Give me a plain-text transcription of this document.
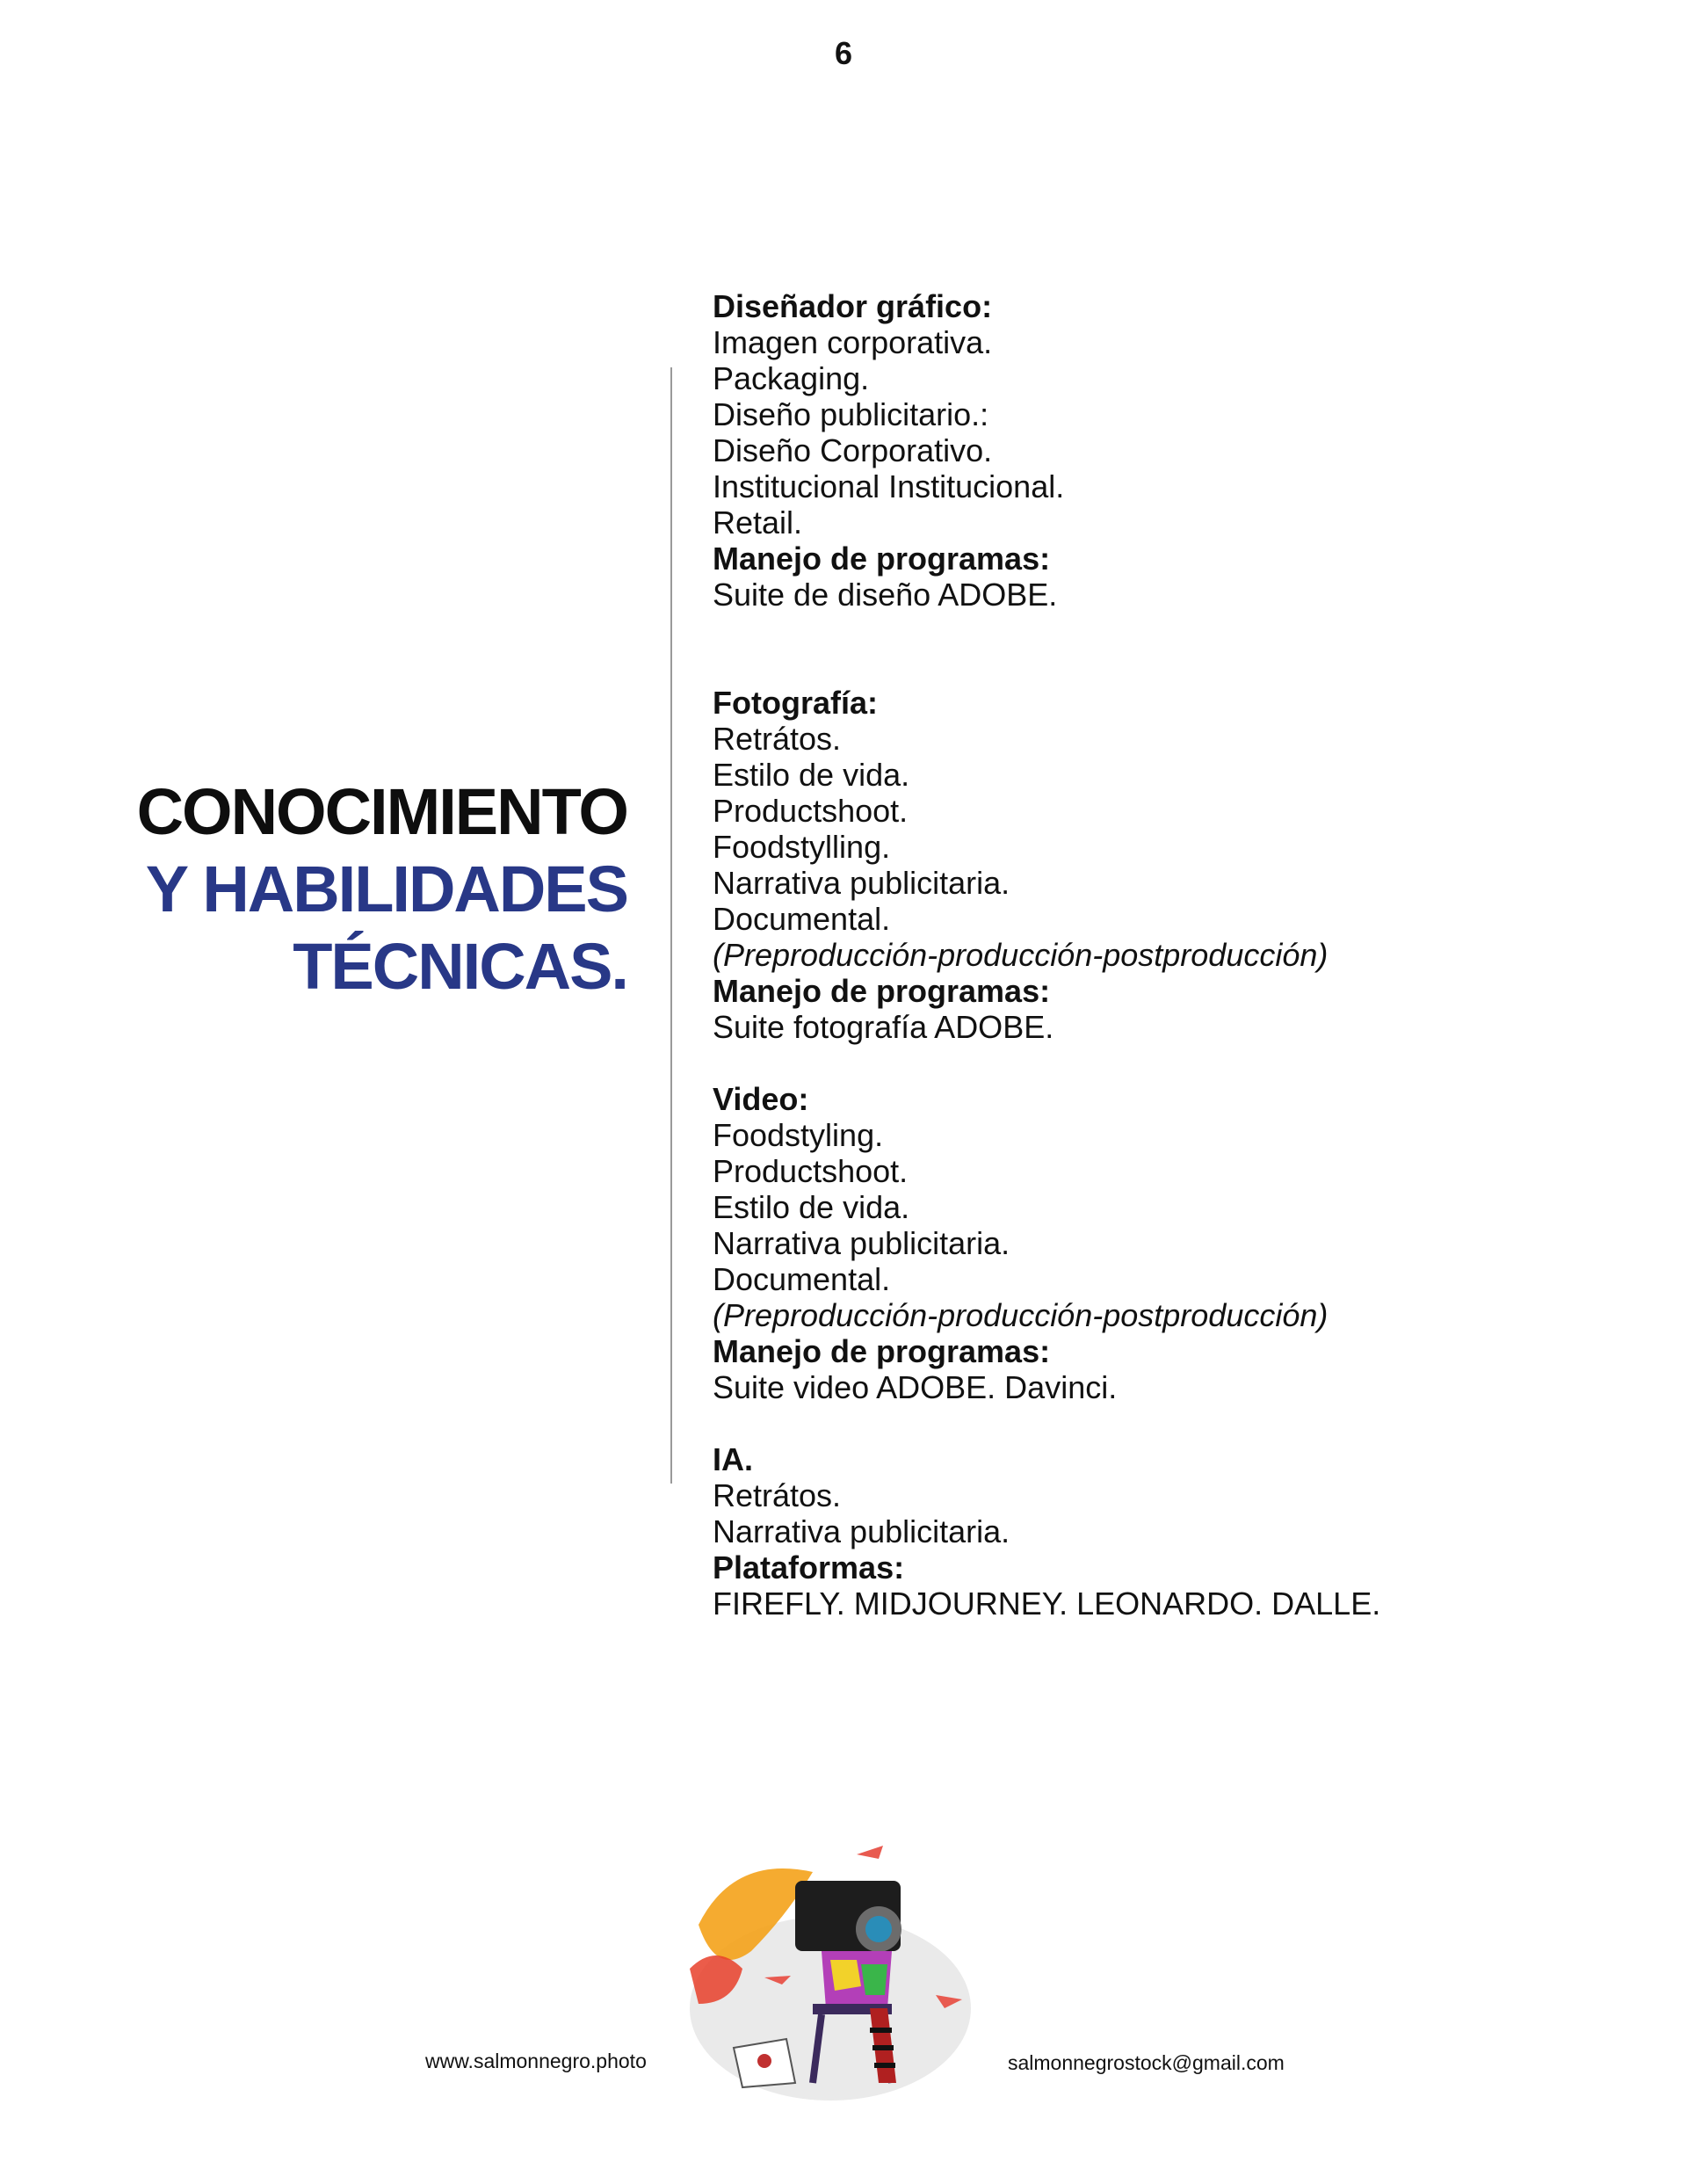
6
CONOCIMIENTO
Y HABILIDADES
TÉCNICAS.
Diseñador gráfico:
Imagen corporativa.
Packaging.
Diseño publicitario.:
Diseño Corporativo.
Institucional Institucional.
Retail.
Manejo de programas:
Suite de diseño ADOBE.
Fotografía:
Retrátos.
Estilo de vida.
Productshoot.
Foodstylling.
Narrativa publicitaria.
Documental.
(Preproducción-producción-postproducción)
Manejo de programas:
Suite fotografía ADOBE.
Video:
Foodstyling.
Productshoot.
Estilo de vida.
Narrativa publicitaria.
Documental.
(Preproducción-producción-postproducción)
Manejo de programas:
Suite video ADOBE. Davinci.
IA.
Retrátos.
Narrativa publicitaria.
Plataformas:
FIREFLY. MIDJOURNEY. LEONARDO. DALLE.
www.salmonnegro.photo	salmonnegrostock@gmail.com
